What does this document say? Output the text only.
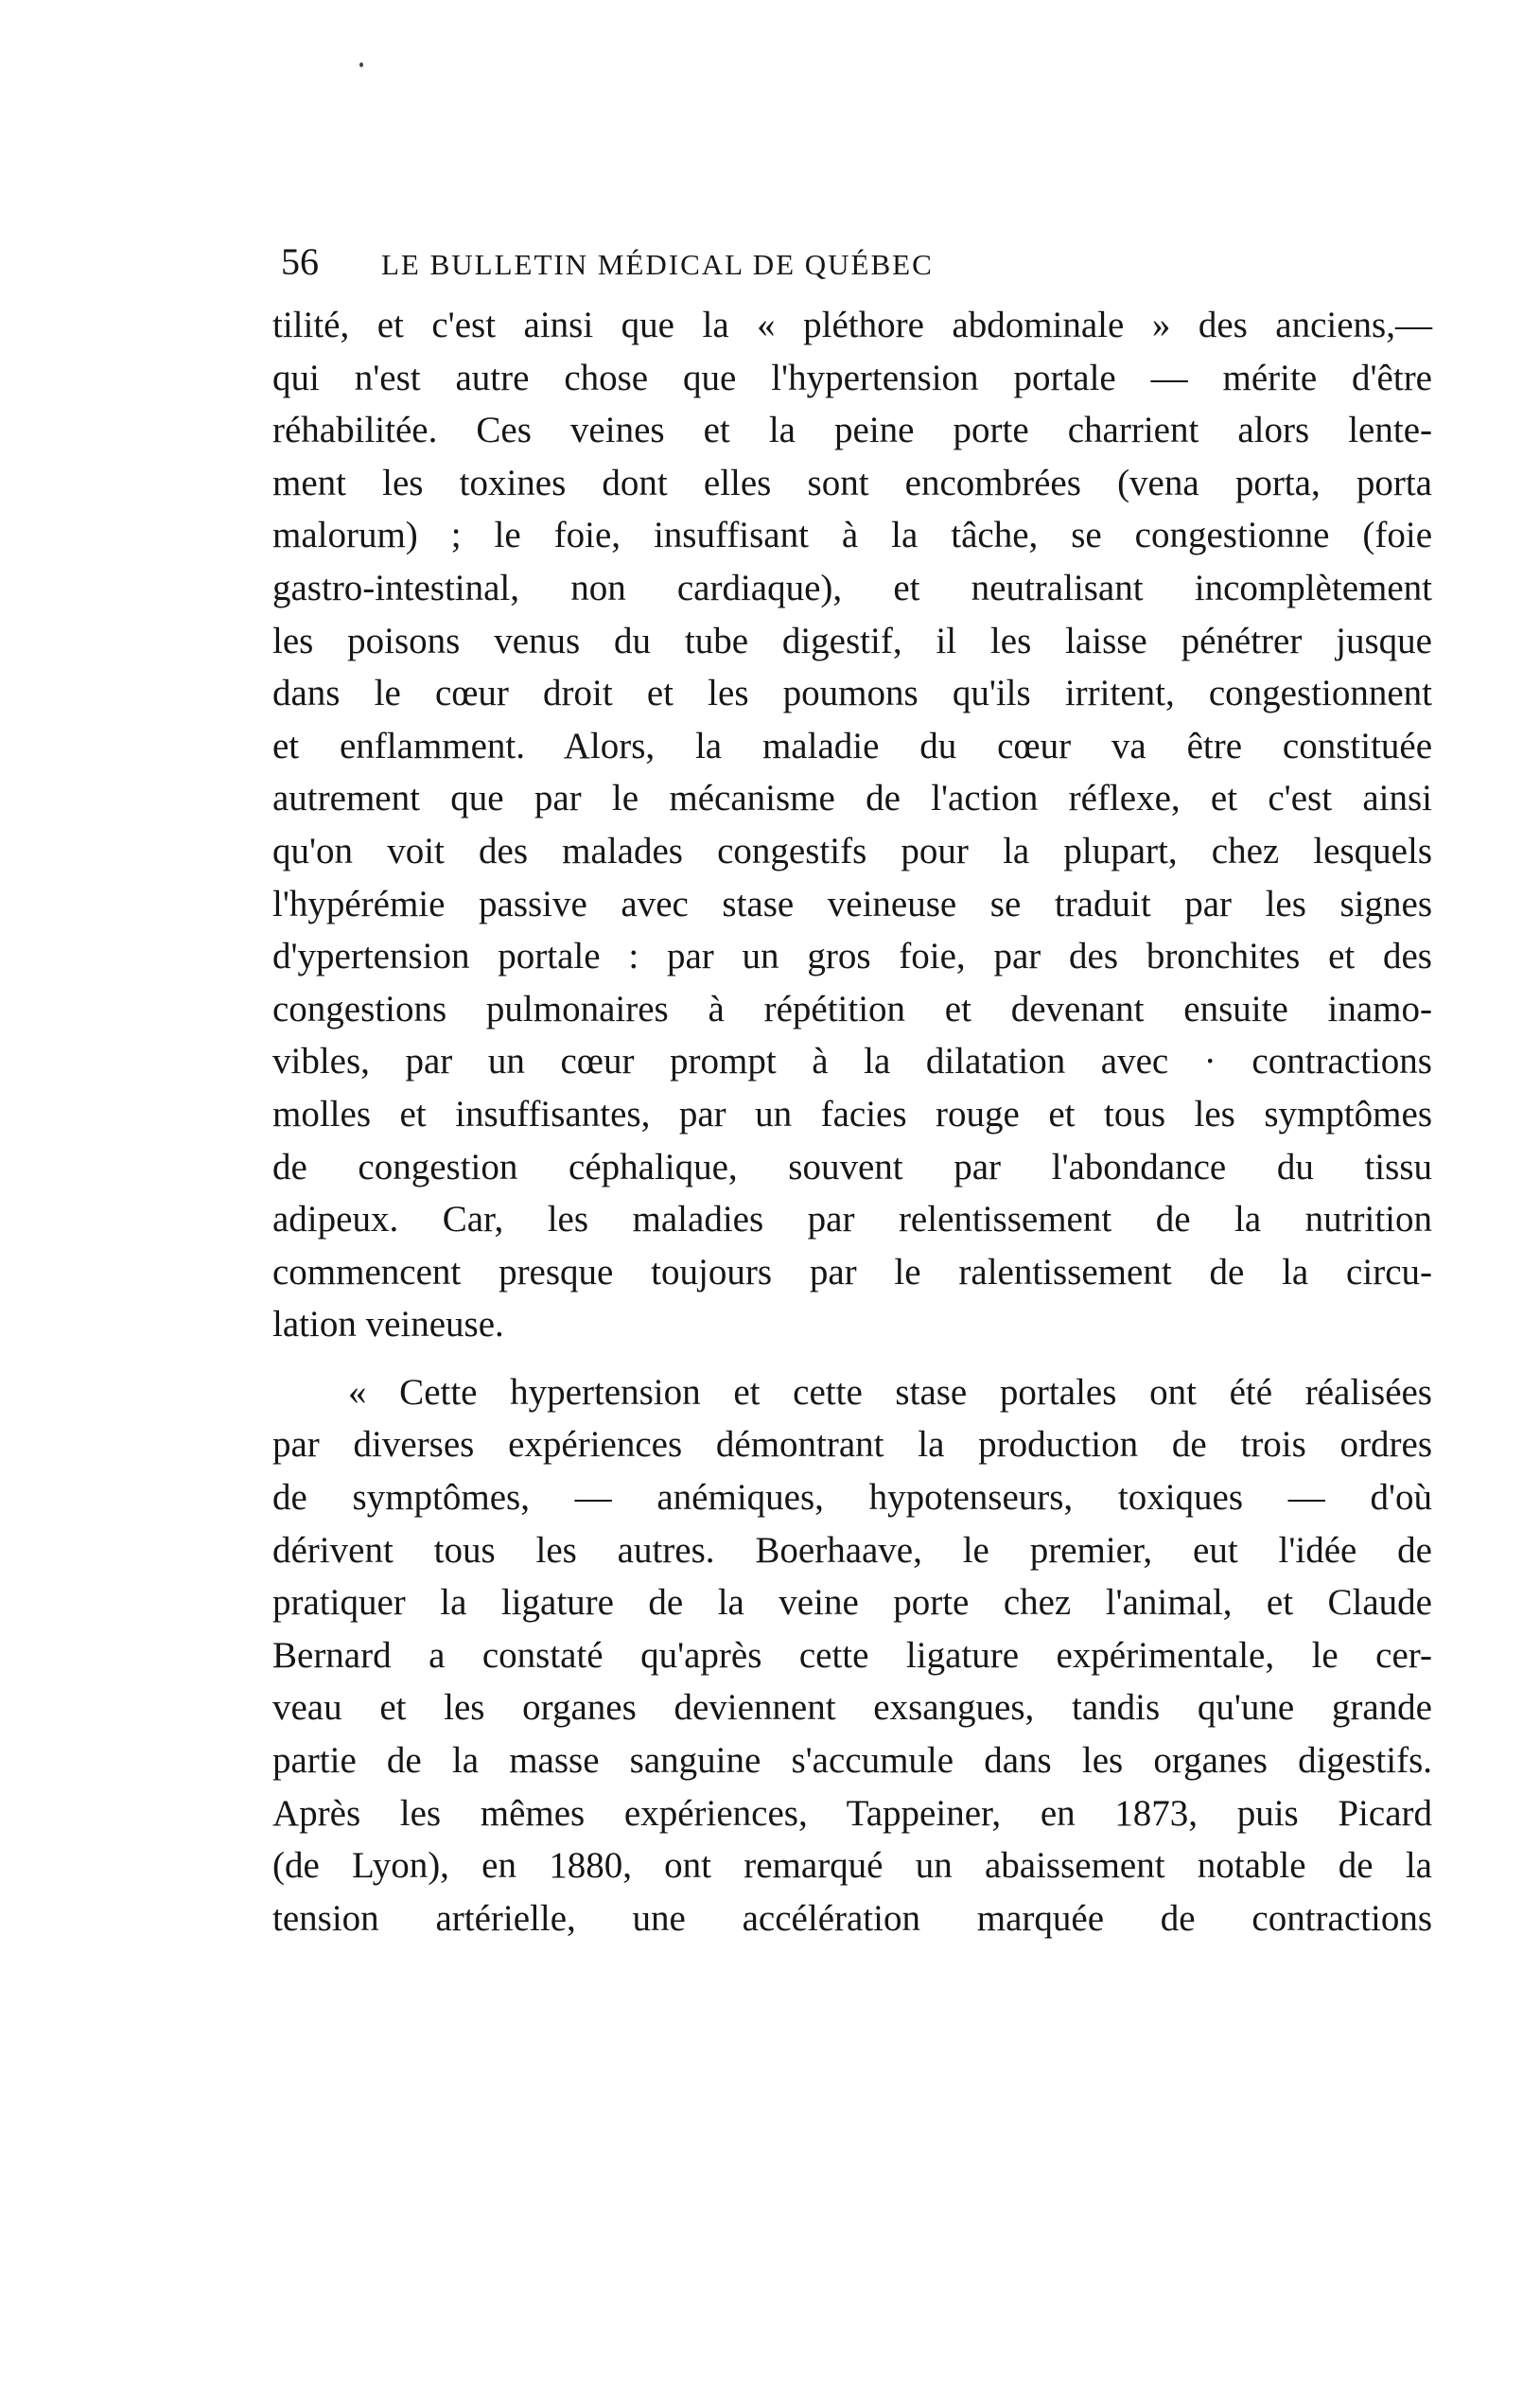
56 LE BULLETIN MÉDICAL DE QUÉBEC
tilité, et c'est ainsi que la « pléthore abdominale » des anciens,—
qui n'est autre chose que l'hypertension portale — mérite d'être
réhabilitée. Ces veines et la peine porte charrient alors lente-
ment les toxines dont elles sont encombrées (vena porta, porta
malorum) ; le foie, insuffisant à la tâche, se congestionne (foie
gastro-intestinal, non cardiaque), et neutralisant incomplètement
les poisons venus du tube digestif, il les laisse pénétrer jusque
dans le cœur droit et les poumons qu'ils irritent, congestionnent
et enflamment. Alors, la maladie du cœur va être constituée
autrement que par le mécanisme de l'action réflexe, et c'est ainsi
qu'on voit des malades congestifs pour la plupart, chez lesquels
l'hypérémie passive avec stase veineuse se traduit par les signes
d'ypertension portale : par un gros foie, par des bronchites et des
congestions pulmonaires à répétition et devenant ensuite inamo-
vibles, par un cœur prompt à la dilatation avec · contractions
molles et insuffisantes, par un facies rouge et tous les symptômes
de congestion céphalique, souvent par l'abondance du tissu
adipeux. Car, les maladies par relentissement de la nutrition
commencent presque toujours par le ralentissement de la circu-
lation veineuse.
« Cette hypertension et cette stase portales ont été réalisées
par diverses expériences démontrant la production de trois ordres
de symptômes, — anémiques, hypotenseurs, toxiques — d'où
dérivent tous les autres. Boerhaave, le premier, eut l'idée de
pratiquer la ligature de la veine porte chez l'animal, et Claude
Bernard a constaté qu'après cette ligature expérimentale, le cer-
veau et les organes deviennent exsangues, tandis qu'une grande
partie de la masse sanguine s'accumule dans les organes digestifs.
Après les mêmes expériences, Tappeiner, en 1873, puis Picard
(de Lyon), en 1880, ont remarqué un abaissement notable de la
tension artérielle, une accélération marquée de contractions
